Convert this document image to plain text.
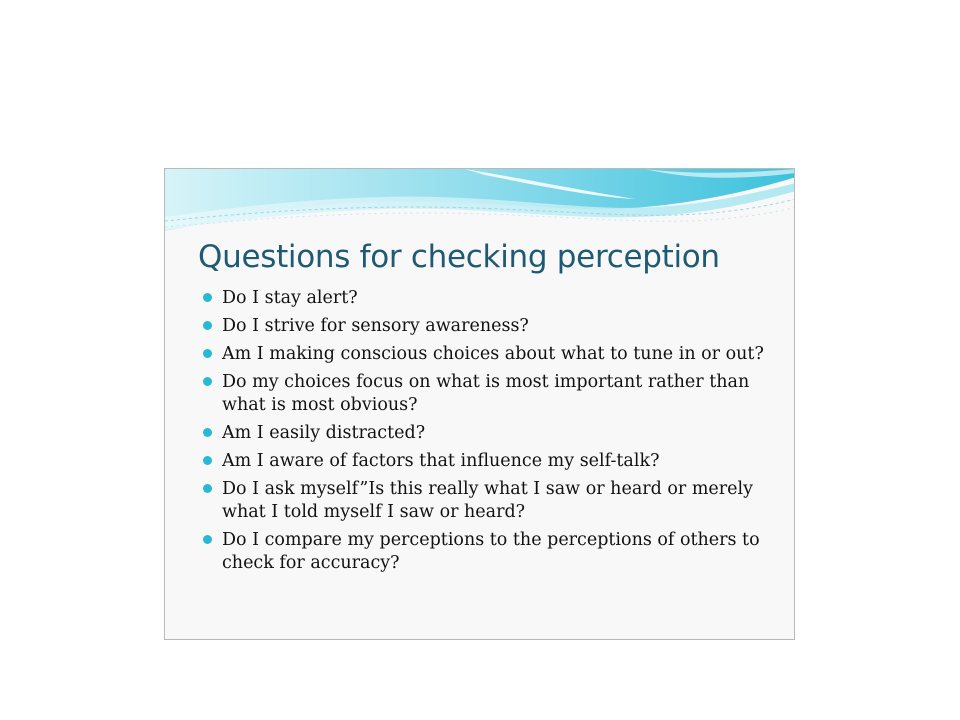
Questions for checking perception
Do I stay alert?
Do I strive for sensory awareness?
Am I making conscious choices about what to tune in or out?
Do my choices focus on what is most important rather than what is most obvious?
Am I easily distracted?
Am I aware of factors that influence my self-talk?
Do I ask myself”Is this really what I saw or heard or merely what I told myself I saw or heard?
Do I compare my perceptions to the perceptions of others to check for accuracy?
